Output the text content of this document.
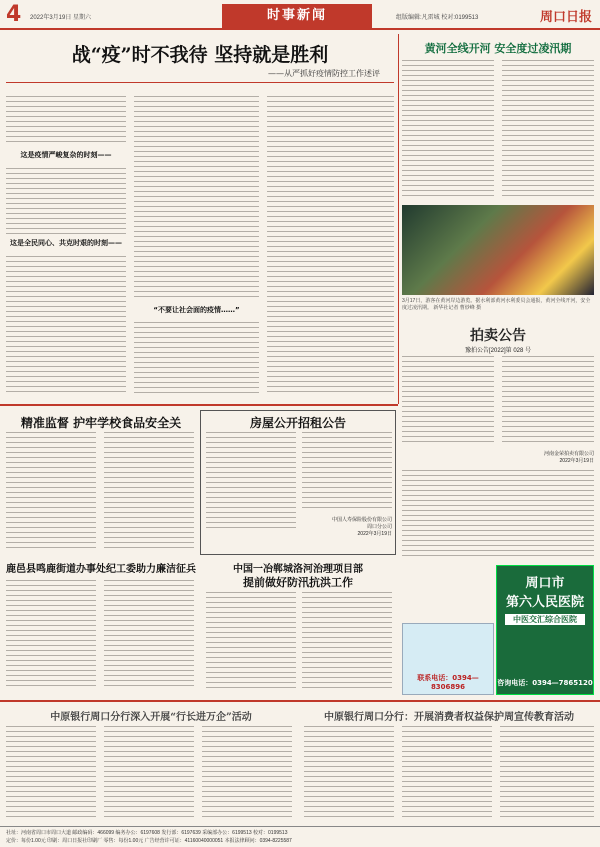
4 2022年3月19日 星期六	时事新闻	组版编辑:凡雷城 校对:0199513	周口日报
战“疫”时不我待 坚持就是胜利
——从严抓好疫情防控工作述评
这是疫情严峻复杂的时刻——
这是全民同心、共克时艰的时刻——
“不要让社会面的疫情……”
黄河全线开河 安全度过凌汛期
3月17日，游客在黄河岸边游览。据水利部黄河水利委员会通报，黄河全线开河，安全度过凌汛期。 新华社记者 曹炒峰 摄
拍卖公告
豫拍公告[2022]第 028 号
河南金荣拍卖有限公司
2022年3月19日
精准监督 护牢学校食品安全关	房屋公开招租公告
中国人寿保险股份有限公司
周口分公司
2022年3月19日
鹿邑县鸣鹿街道办事处纪工委助力廉洁征兵	中国一冶郸城洛河治理项目部
提前做好防汛抗洪工作
联系电话：0394—8306896
周口市
第六人民医院
中医交汇综合医院
咨询电话：0394—7865120
中原银行周口分行深入开展“行长进万企”活动	中原银行周口分行：开展消费者权益保护周宣传教育活动
社址：河南省周口市周口大道 邮政编码：466099 编务办公：6197608 发行部：6197639 采编部办公：6199513 校对：0199513
定价：每份1.00元 印刷：周口日报社印刷厂 零售：每份1.00元 广告经营许可证：41160040000051 本报法律顾问：0394-8225587
